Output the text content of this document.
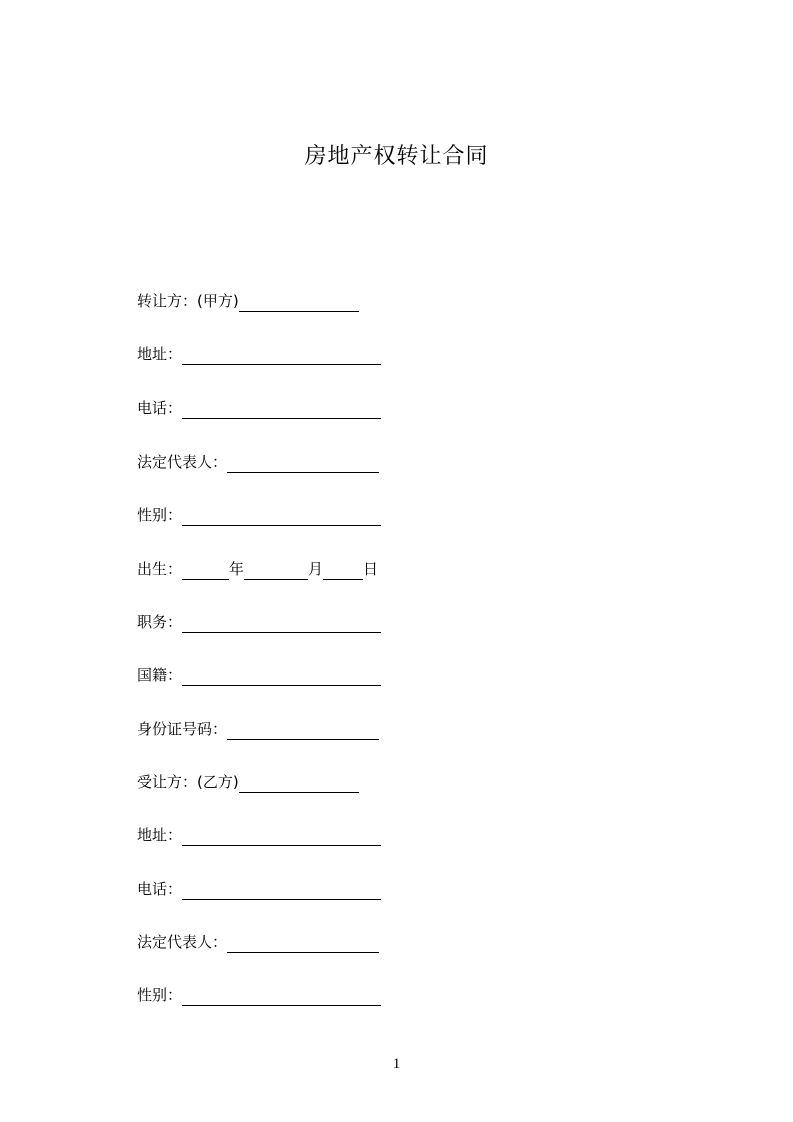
房地产权转让合同
转让方：(甲方)
地址：
电话：
法定代表人：
性别：
出生：	年	月	日
职务：
国籍：
身份证号码：
受让方：(乙方)
地址：
电话：
法定代表人：
性别：
1
